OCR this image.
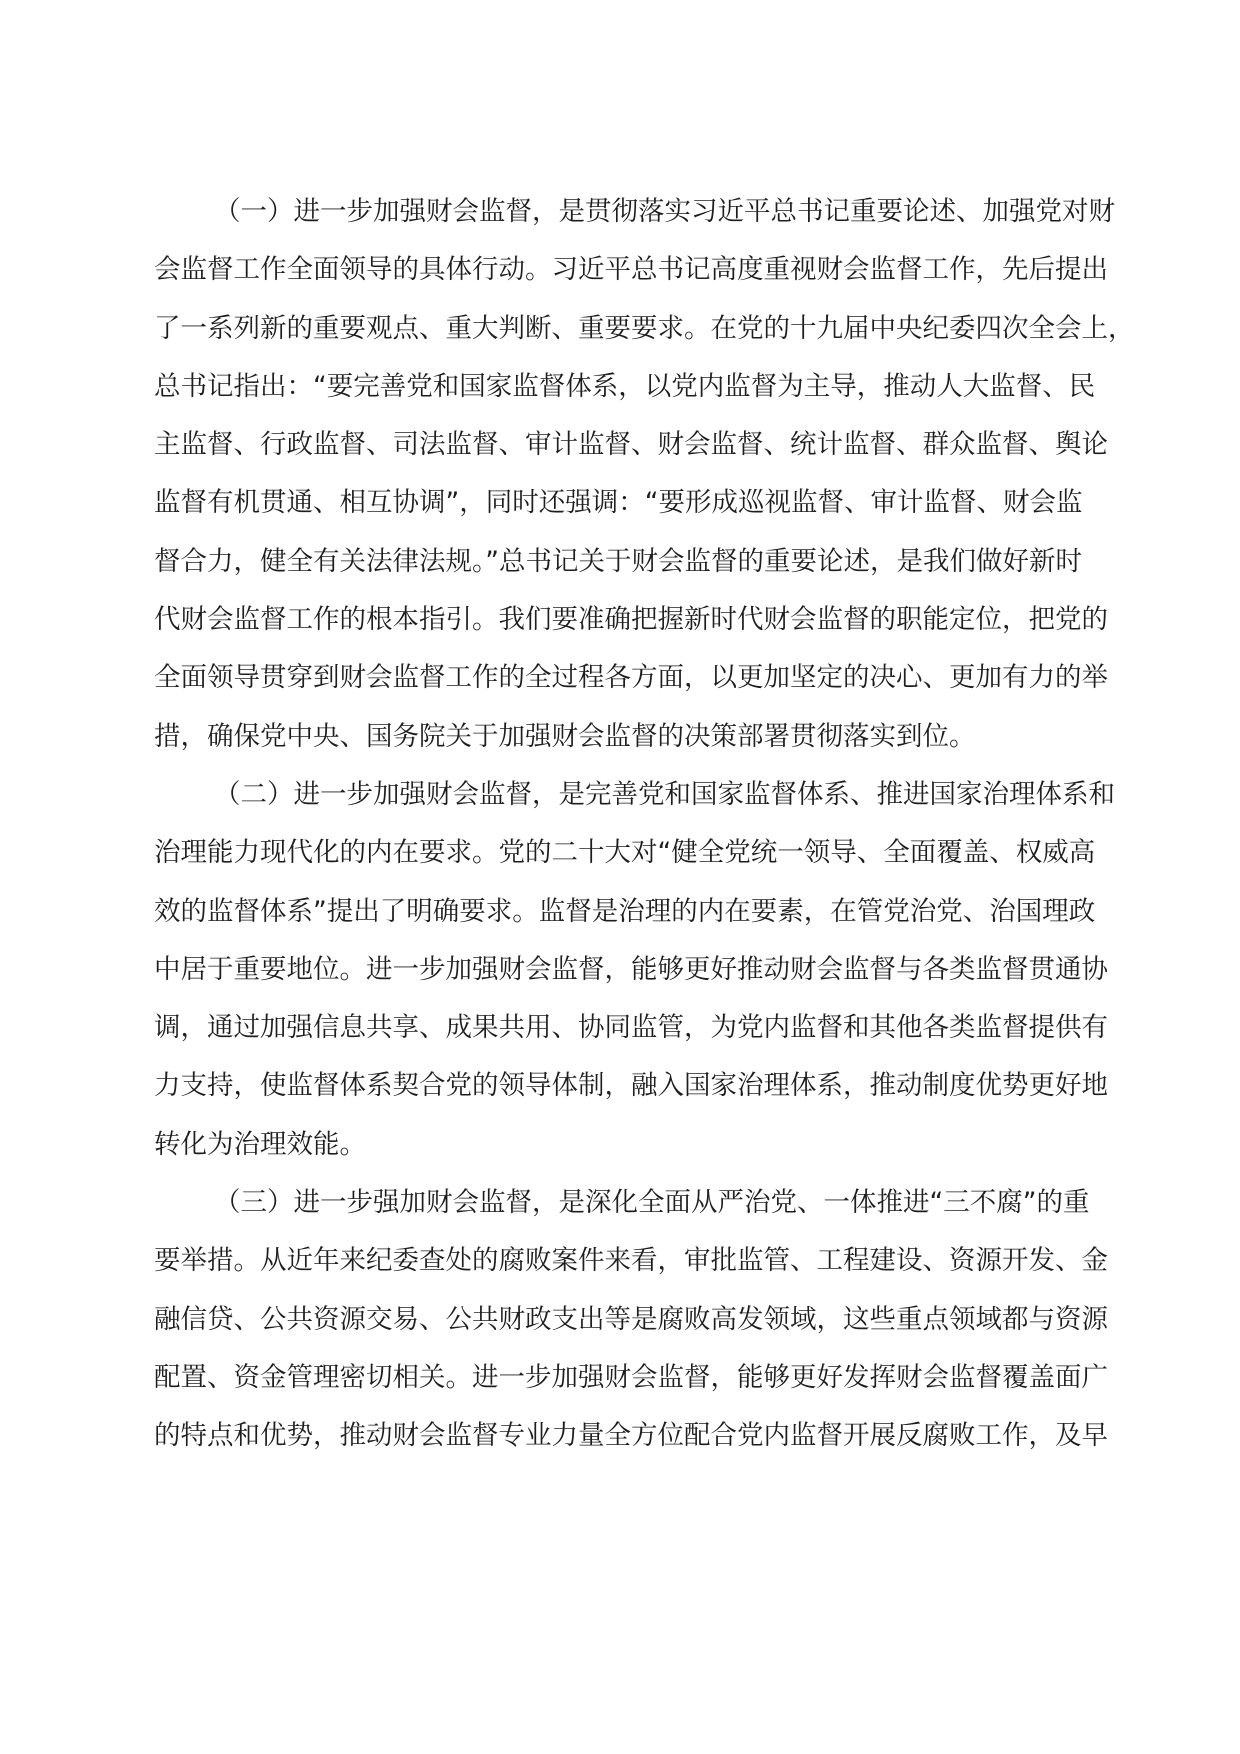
（一）进一步加强财会监督，是贯彻落实习近平总书记重要论述、加强党对财
会监督工作全面领导的具体行动。习近平总书记高度重视财会监督工作，先后提出
了一系列新的重要观点、重大判断、重要要求。在党的十九届中央纪委四次全会上，
总书记指出：“要完善党和国家监督体系，以党内监督为主导，推动人大监督、民
主监督、行政监督、司法监督、审计监督、财会监督、统计监督、群众监督、舆论
监督有机贯通、相互协调”，同时还强调：“要形成巡视监督、审计监督、财会监
督合力，健全有关法律法规。”总书记关于财会监督的重要论述，是我们做好新时
代财会监督工作的根本指引。我们要准确把握新时代财会监督的职能定位，把党的
全面领导贯穿到财会监督工作的全过程各方面，以更加坚定的决心、更加有力的举
措，确保党中央、国务院关于加强财会监督的决策部署贯彻落实到位。
（二）进一步加强财会监督，是完善党和国家监督体系、推进国家治理体系和
治理能力现代化的内在要求。党的二十大对“健全党统一领导、全面覆盖、权威高
效的监督体系”提出了明确要求。监督是治理的内在要素，在管党治党、治国理政
中居于重要地位。进一步加强财会监督，能够更好推动财会监督与各类监督贯通协
调，通过加强信息共享、成果共用、协同监管，为党内监督和其他各类监督提供有
力支持，使监督体系契合党的领导体制，融入国家治理体系，推动制度优势更好地
转化为治理效能。
（三）进一步强加财会监督，是深化全面从严治党、一体推进“三不腐”的重
要举措。从近年来纪委查处的腐败案件来看，审批监管、工程建设、资源开发、金
融信贷、公共资源交易、公共财政支出等是腐败高发领域，这些重点领域都与资源
配置、资金管理密切相关。进一步加强财会监督，能够更好发挥财会监督覆盖面广
的特点和优势，推动财会监督专业力量全方位配合党内监督开展反腐败工作，及早
